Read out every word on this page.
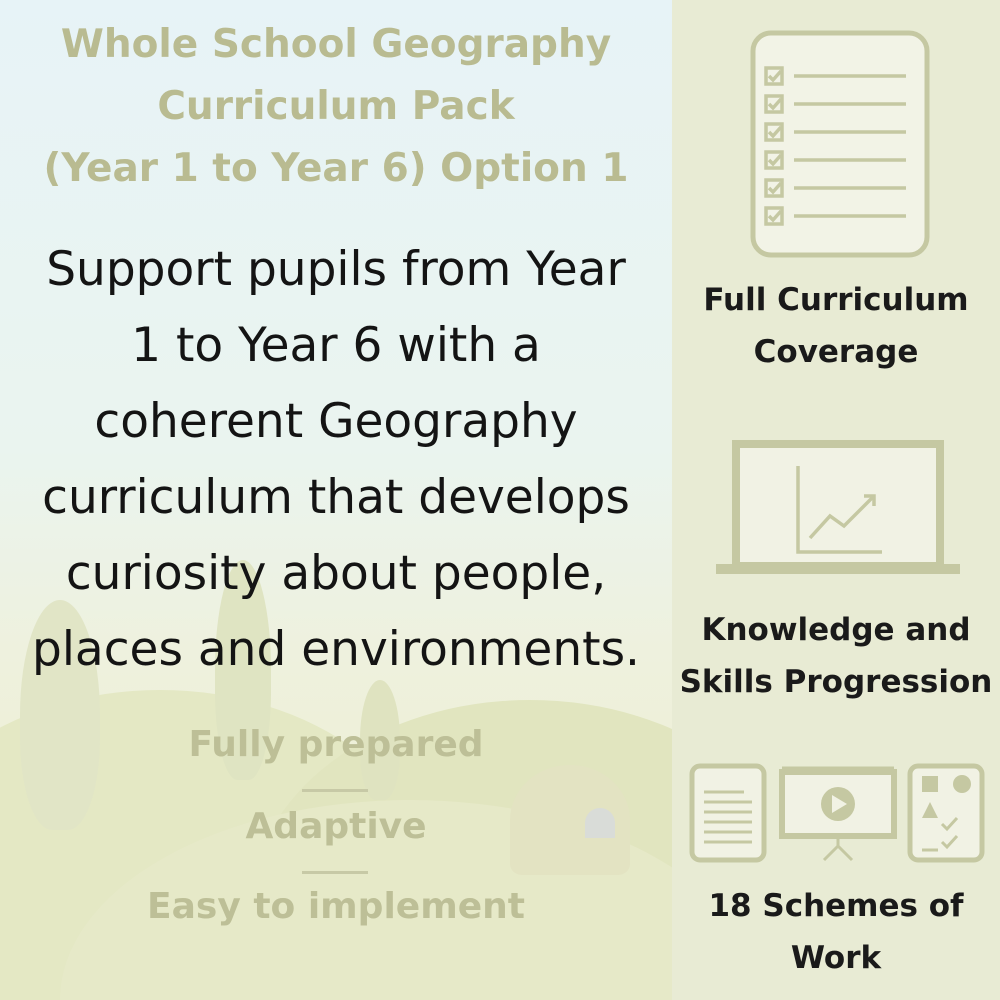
Whole School Geography
Curriculum Pack
(Year 1 to Year 6) Option 1
Support pupils from Year
1 to Year 6 with a
coherent Geography
curriculum that develops
curiosity about people,
places and environments.
Fully prepared
Adaptive
Easy to implement
Full Curriculum
Coverage
Knowledge and
Skills Progression
18 Schemes of
Work
